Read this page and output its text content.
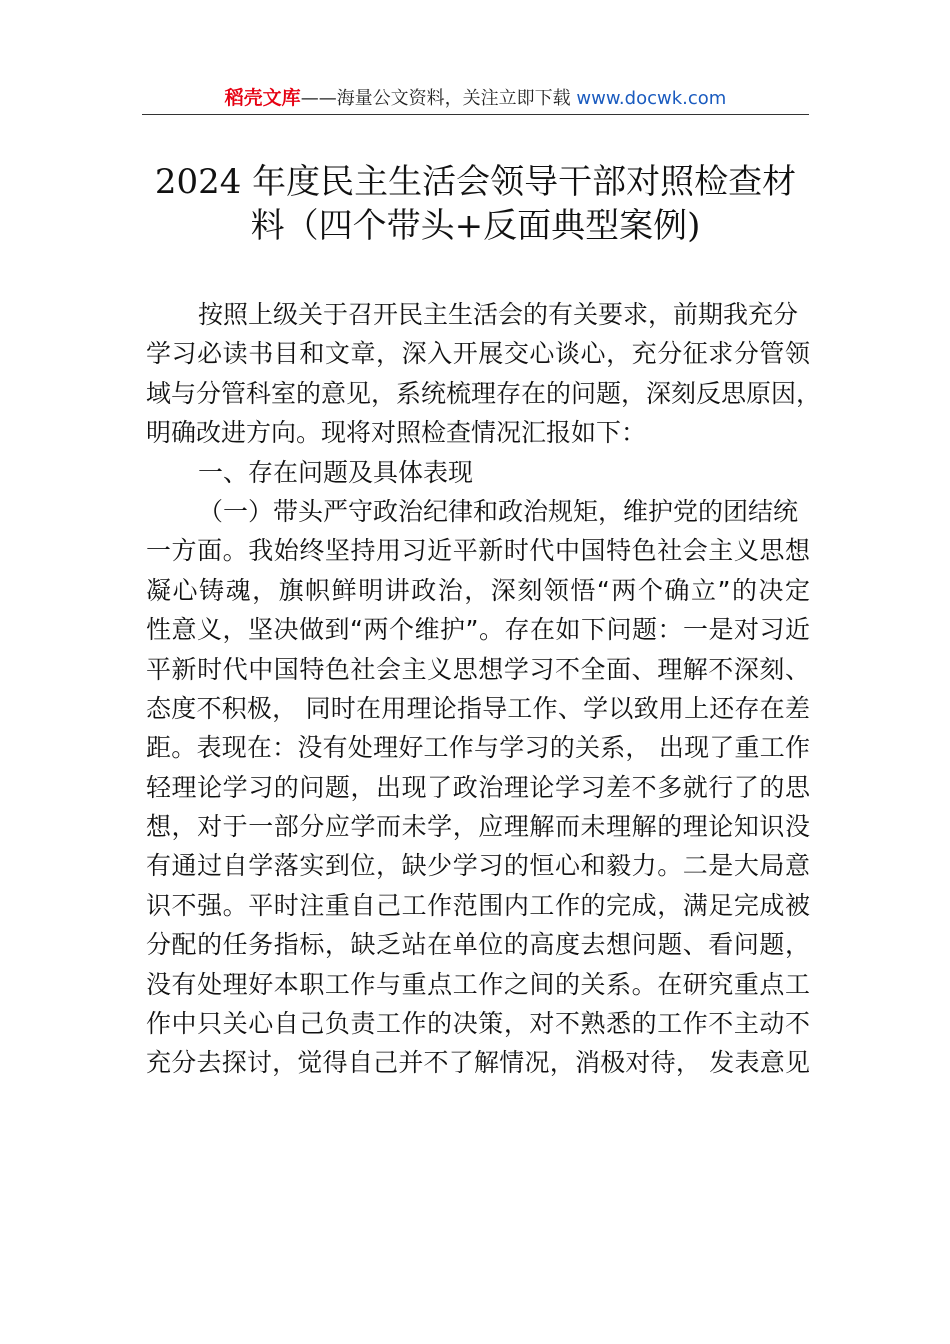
稻壳文库——海量公文资料，关注立即下载 www.docwk.com
2024 年度民主生活会领导干部对照检查材
料（四个带头+反面典型案例)
按照上级关于召开民主生活会的有关要求，前期我充分
学习必读书目和文章，深入开展交心谈心，充分征求分管领
域与分管科室的意见，系统梳理存在的问题，深刻反思原因，
明确改进方向。现将对照检查情况汇报如下：
一、存在问题及具体表现
（一）带头严守政治纪律和政治规矩，维护党的团结统
一方面。我始终坚持用习近平新时代中国特色社会主义思想
凝心铸魂，旗帜鲜明讲政治，深刻领悟“两个确立”的决定
性意义，坚决做到“两个维护”。存在如下问题：一是对习近
平新时代中国特色社会主义思想学习不全面、理解不深刻、
态度不积极， 同时在用理论指导工作、学以致用上还存在差
距。表现在：没有处理好工作与学习的关系， 出现了重工作
轻理论学习的问题，出现了政治理论学习差不多就行了的思
想，对于一部分应学而未学，应理解而未理解的理论知识没
有通过自学落实到位，缺少学习的恒心和毅力。二是大局意
识不强。平时注重自己工作范围内工作的完成，满足完成被
分配的任务指标，缺乏站在单位的高度去想问题、看问题，
没有处理好本职工作与重点工作之间的关系。在研究重点工
作中只关心自己负责工作的决策，对不熟悉的工作不主动不
充分去探讨，觉得自己并不了解情况，消极对待， 发表意见
